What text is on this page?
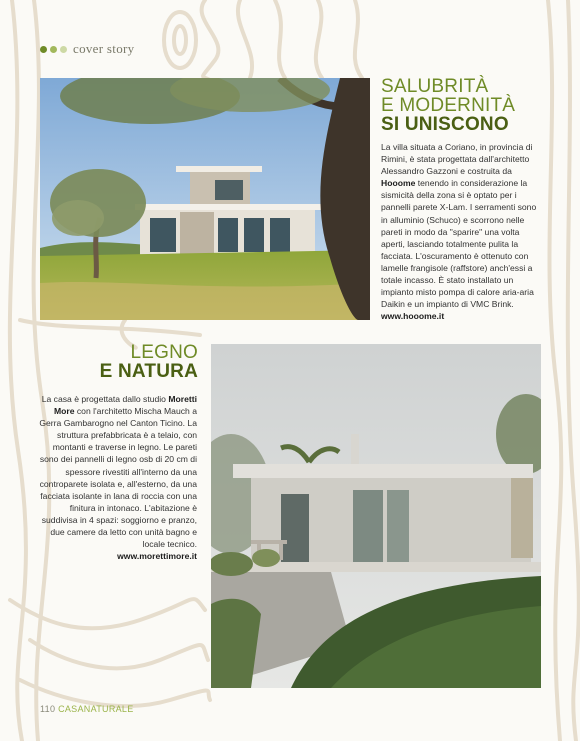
cover story
SALUBRITÀ
E MODERNITÀ
SI UNISCONO
La villa situata a Coriano, in provincia di Rimini, è stata progettata dall'architetto Alessandro Gazzoni e costruita da Hooome tenendo in considerazione la sismicità della zona si è optato per i pannelli parete X-Lam. I serramenti sono in alluminio (Schuco) e scorrono nelle pareti in modo da "sparire" una volta aperti, lasciando totalmente pulita la facciata. L'oscuramento è ottenuto con lamelle frangisole (raffstore) anch'essi a totale incasso. È stato installato un impianto misto pompa di calore aria-aria Daikin e un impianto di VMC Brink.
www.hooome.it
LEGNO
E NATURA
La casa è progettata dallo studio Moretti More con l'architetto Mischa Mauch a Gerra Gambarogno nel Canton Ticino. La struttura prefabbricata è a telaio, con montanti e traverse in legno. Le pareti sono dei pannelli di legno osb di 20 cm di spessore rivestiti all'interno da una controparete isolata e, all'esterno, da una facciata isolante in lana di roccia con una finitura in intonaco. L'abitazione è suddivisa in 4 spazi: soggiorno e pranzo, due camere da letto con unità bagno e locale tecnico.
www.morettimore.it
110 CASANATURALE
